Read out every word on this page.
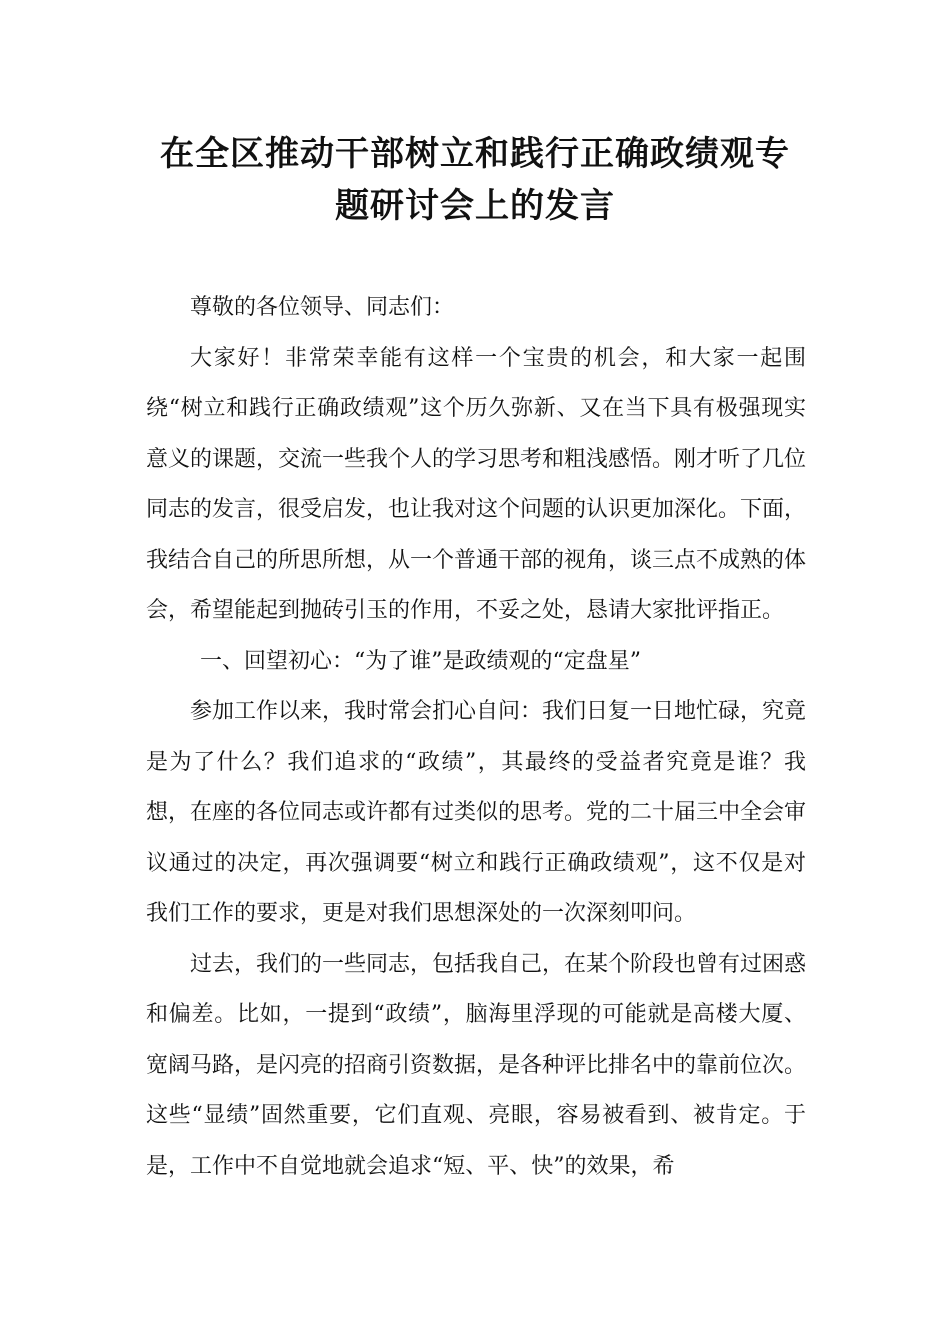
在全区推动干部树立和践行正确政绩观专
题研讨会上的发言

尊敬的各位领导、同志们：

大家好！非常荣幸能有这样一个宝贵的机会，和大家一起围绕“树立和践行正确政绩观”这个历久弥新、又在当下具有极强现实意义的课题，交流一些我个人的学习思考和粗浅感悟。刚才听了几位同志的发言，很受启发，也让我对这个问题的认识更加深化。下面，我结合自己的所思所想，从一个普通干部的视角，谈三点不成熟的体会，希望能起到抛砖引玉的作用，不妥之处，恳请大家批评指正。

一、回望初心：“为了谁”是政绩观的“定盘星”

参加工作以来，我时常会扪心自问：我们日复一日地忙碌，究竟是为了什么？我们追求的“政绩”，其最终的受益者究竟是谁？我想，在座的各位同志或许都有过类似的思考。党的二十届三中全会审议通过的决定，再次强调要“树立和践行正确政绩观”，这不仅是对我们工作的要求，更是对我们思想深处的一次深刻叩问。

过去，我们的一些同志，包括我自己，在某个阶段也曾有过困惑和偏差。比如，一提到“政绩”，脑海里浮现的可能就是高楼大厦、宽阔马路，是闪亮的招商引资数据，是各种评比排名中的靠前位次。这些“显绩”固然重要，它们直观、亮眼，容易被看到、被肯定。于是，工作中不自觉地就会追求“短、平、快”的效果，希
